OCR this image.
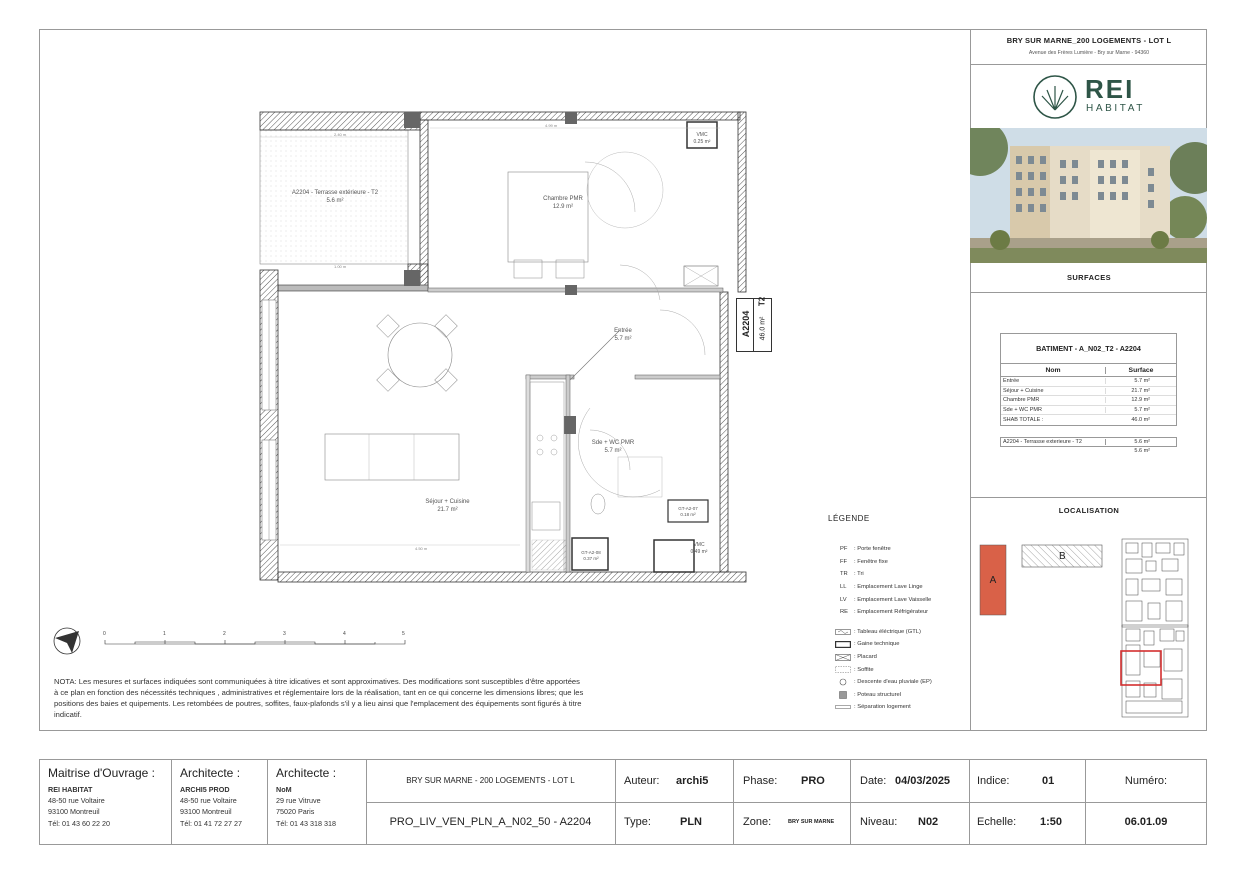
2.40 m
4.99 m
4.50 m
1.00 m
A2204 - Terrasse extérieure - T2
5.6 m²	Chambre PMR
12.9 m²
Entrée
5.7 m²
Séjour + Cuisine
21.7 m²
Sde + WC PMR
5.7 m²
VMC
0.25 m²
VMC
0.49 m²
GT-A2-07
0.18 m²
GT-A2-08
0.37 m²
A2204
T2
46.0 m²
0	1	2	3	4	5
NOTA: Les mesures et surfaces indiquées sont communiquées à titre idicatives et sont approximatives. Des modifications sont susceptibles d'être apportées à ce plan en fonction des nécessités techniques , administratives et réglementaire lors de la réalisation, tant en ce qui concerne les dimensions libres; que les positions des baies et quipements. Les retombées de poutres, soffites, faux-plafonds s'il y a lieu ainsi que l'emplacement des équipements sont figurés à titre indicatif.
LÉGENDE
PF	: Porte fenêtre
FF	: Fenêtre fixe
TR	: Tri
LL	: Emplacement Lave Linge
LV	: Emplacement Lave Vaisselle
RE	: Emplacement Réfrigérateur
: Tableau éléctrique (GTL)
: Gaine technique
: Placard
: Soffite
: Descente d'eau pluviale (EP)
: Poteau structurel
: Séparation logement
BRY SUR MARNE_200 LOGEMENTS - LOT L
Avenue des Frères Lumière - Bry sur Marne - 94360
REI
HABITAT
SURFACES
BATIMENT - A_N02_T2 - A2204
Nom	Surface
Entrée	5.7 m²
Séjour + Cuisine	21.7 m²
Chambre PMR	12.9 m²
Sde + WC PMR	5.7 m²
SHAB TOTALE :	46.0 m²
A2204 - Terrasse exterieure - T2	5.6 m²
5.6 m²
LOCALISATION
A
B
Maitrise d'Ouvrage :
REI HABITAT
48-50 rue Voltaire
93100 Montreuil
Tél: 01 43 60 22 20
Architecte :
ARCHI5 PROD
48-50 rue Voltaire
93100 Montreuil
Tél: 01 41 72 27 27
Architecte :
NoM
29 rue Vitruve
75020 Paris
Tél: 01 43 318 318
BRY SUR MARNE - 200 LOGEMENTS - LOT L
PRO_LIV_VEN_PLN_A_N02_50 - A2204
Auteur: archi5
Type:	PLN
Phase: PRO
Zone:	BRY SUR MARNE
Date: 04/03/2025
Niveau: N02
Indice:	01
Echelle: 1:50
Numéro:
06.01.09
